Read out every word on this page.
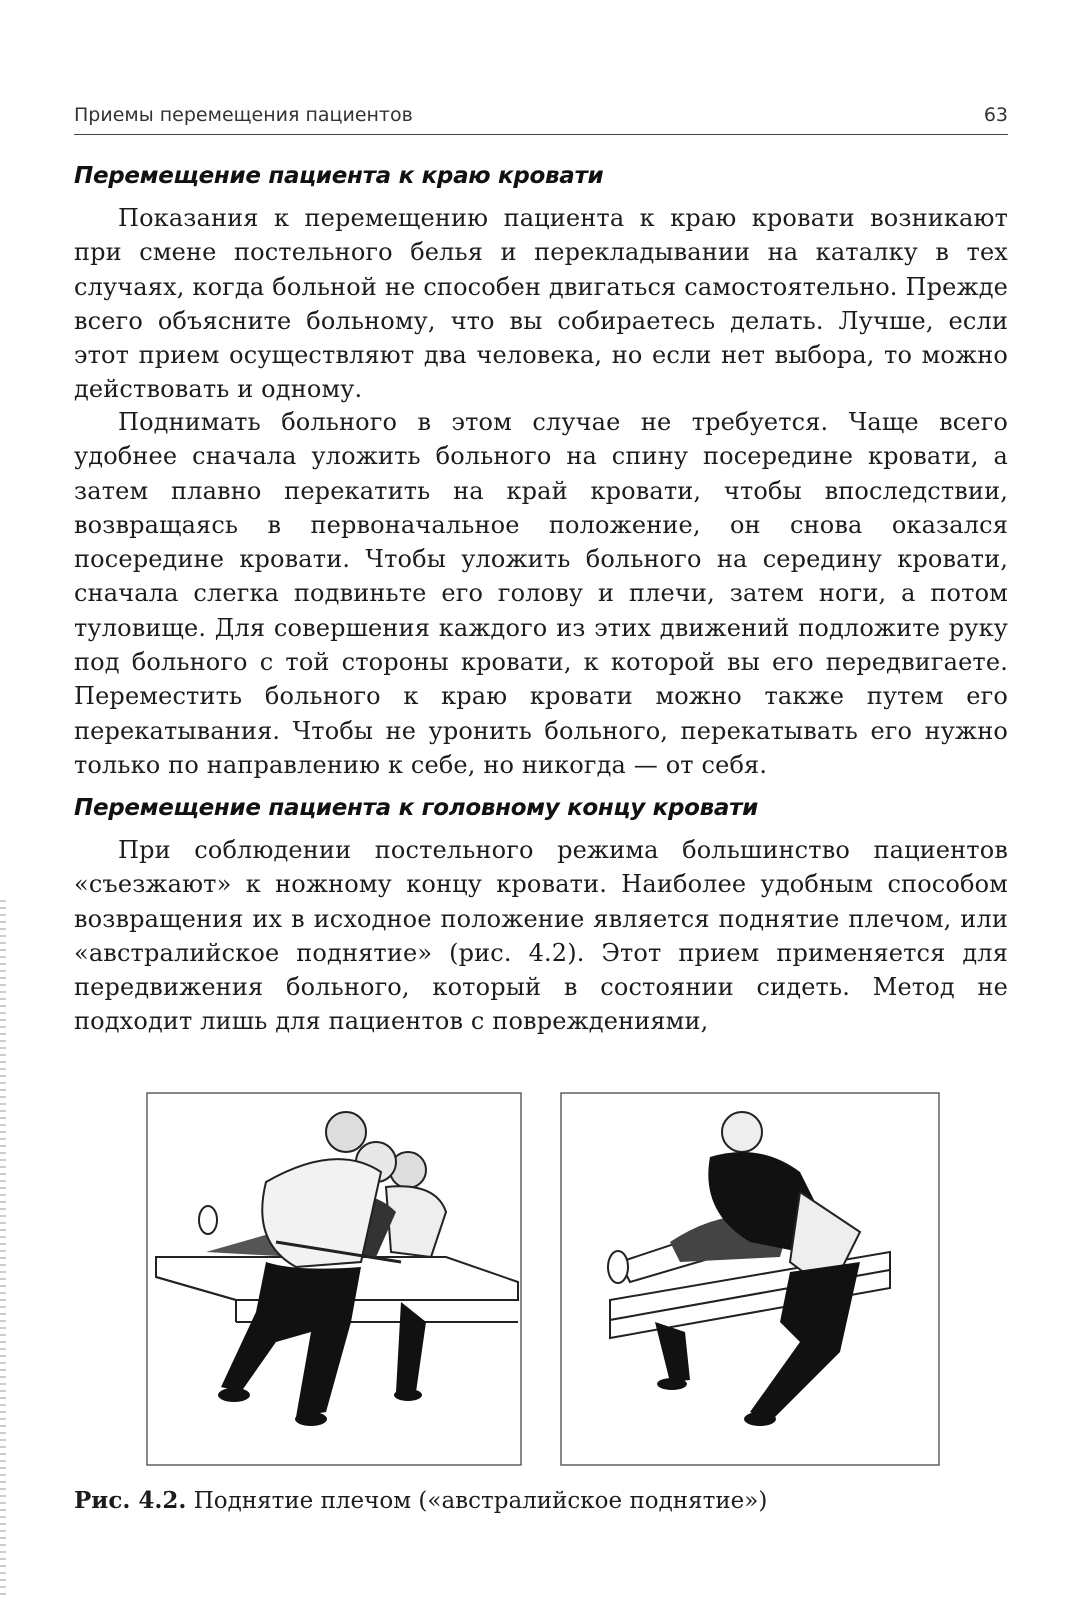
Приемы перемещения пациентов	63
Перемещение пациента к краю кровати

Показания к перемещению пациента к краю кровати возникают при смене постельного белья и перекладывании на каталку в тех случаях, когда больной не способен двигаться самостоятельно. Прежде всего объясните больному, что вы собираетесь делать. Лучше, если этот прием осуществляют два человека, но если нет выбора, то можно действовать и одному.

Поднимать больного в этом случае не требуется. Чаще всего удобнее сначала уложить больного на спину посередине кровати, а затем плавно перекатить на край кровати, чтобы впоследствии, возвращаясь в первоначальное положение, он снова оказался посередине кровати. Чтобы уложить больного на середину кровати, сначала слегка подвиньте его голову и плечи, затем ноги, а потом туловище. Для совершения каждого из этих движений подложите руку под больного с той стороны кровати, к которой вы его передвигаете. Переместить больного к краю кровати можно также путем его перекатывания. Чтобы не уронить больного, перекатывать его нужно только по направлению к себе, но никогда — от себя.

Перемещение пациента к головному концу кровати

При соблюдении постельного режима большинство пациентов «съезжают» к ножному концу кровати. Наиболее удобным способом возвращения их в исходное положение является поднятие плечом, или «австралийское поднятие» (рис. 4.2). Этот прием применяется для передвижения больного, который в состоянии сидеть. Метод не подходит лишь для пациентов с повреждениями,

Рис. 4.2. Поднятие плечом («австралийское поднятие»)
